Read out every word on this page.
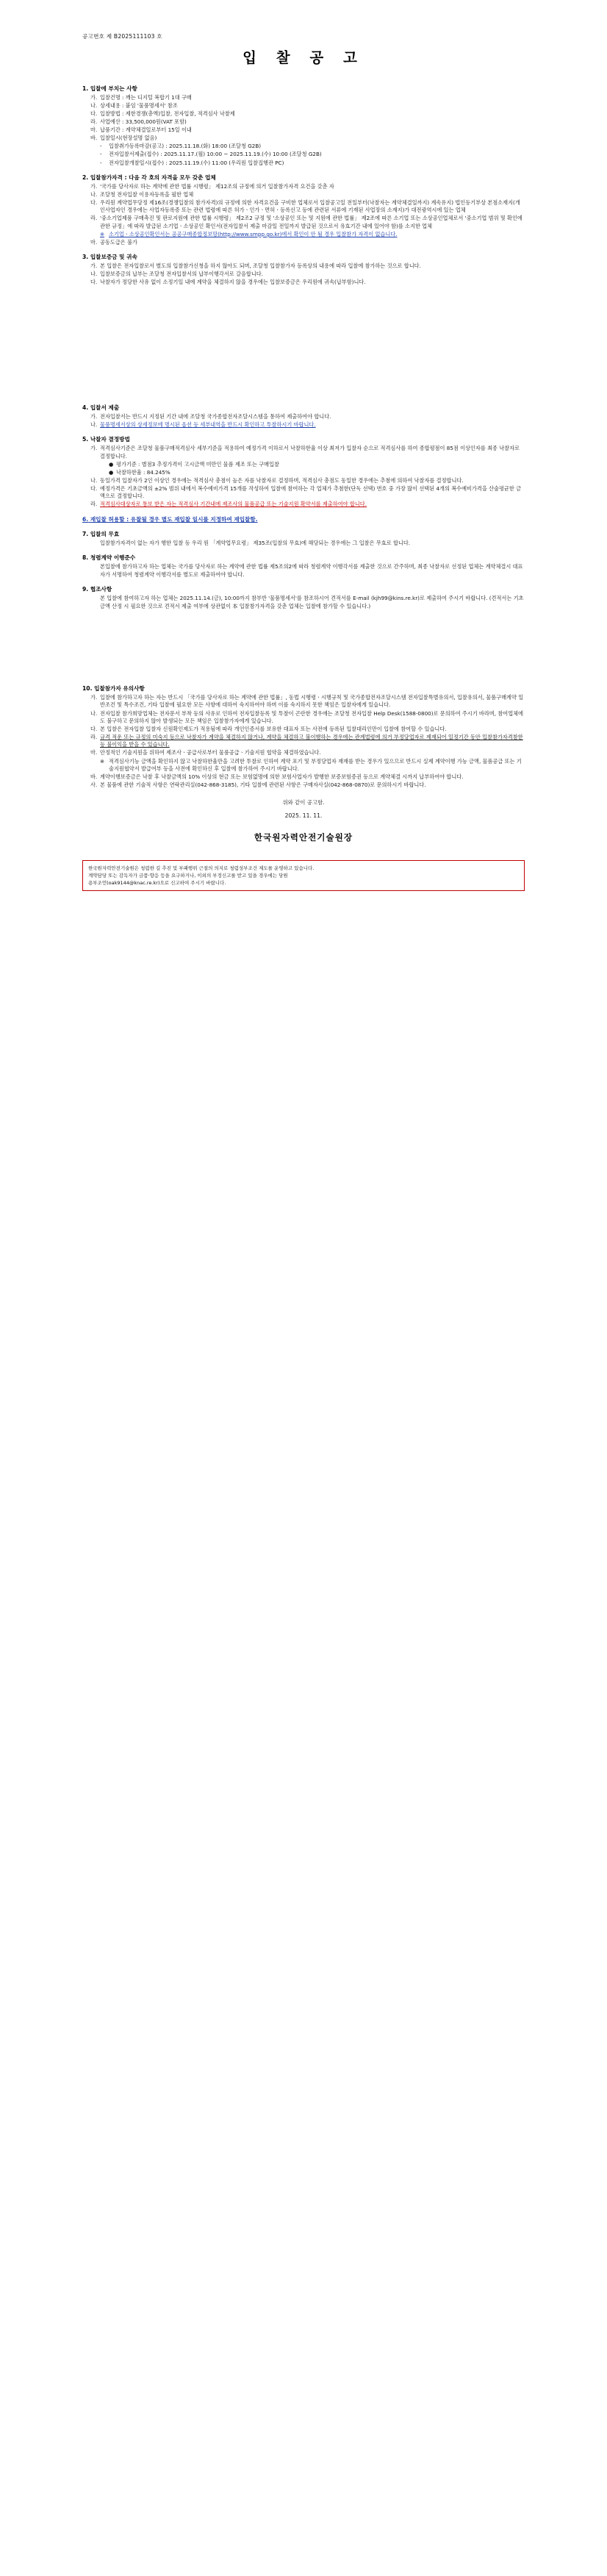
공고번호 제 B2025111103 호
입 찰 공 고
1. 입찰에 부치는 사항
가. 입찰건명 : 깨는 디지털 복합기 1대 구매
나. 상세내용 : 붙임 '물품명세서' 참조
다. 입찰방법 : 제한경쟁(총액)입찰, 전자입찰, 적격심사 낙찰제
라. 사업예산 : 33,500,000원(VAT 포함)
마. 납품기간 : 계약체결일로부터 15일 이내
바. 입찰일시(현장설명 없음)
-	입찰취가등록마감(공고) : 2025.11.18.(화) 18:00 (조달청 G2B)
-	전자입찰서제출(접수) : 2025.11.17.(월) 10:00 ~ 2025.11.19.(수) 10:00 (조달청 G2B)
-	전자입찰개찰일시(접수) : 2025.11.19.(수) 11:00 (우리원 입찰집행관 PC)
2. 입찰참가자격 : 다음 각 호의 자격을 모두 갖춘 업체
가. '국가를 당사자로 하는 계약에 관한 법률 시행령」 제12조의 규정에 의거 입찰참가자격 요건을 갖춘 자
나. 조달청 전자입찰 이용자등록을 필한 업체
다. 우리원 계약업무당정 제16조(경쟁입찰의 참가자격)의 규정에 의한 자격요건을 구비한 업체로서 입찰공고일 전일부터(낙찰자는 계약체결일까지) 계속유지) 법인등기부상 본점소재지(개인사업자인 경우에는 사업자등록증 또는 관련 법령에 따른 허가ㆍ인가ㆍ면허ㆍ등록신고 등에 관련된 서류에 기재된 사업장의 소재지)가 대전광역시에 있는 업체
라. '중소기업제품 구매촉진 및 판로지원에 관한 법률 시행령」 제2조2 규정 및 '소상공인 또는 및 지원에 관한 법률」 제2조에 따른 소기업 또는 소상공인업체로서 '중소기업 범위 및 확인에 관한 규정」에 따라 발급된 소기업ㆍ소상공인 확인서(전자입찰서 제출 마감일 전일까지 발급된 것으로서 유효기간 내에 있어야 함)를 소지한 업체
※ 소기업ㆍ소상공인확인서는 공공구매종합정보망(http://www.smpp.go.kr)에서 확인이 안 될 경우 입찰참가 자격이 없습니다.
마. 공동도급은 불가
3. 입찰보증금 및 귀속
가. 본 입찰은 전자입찰로서 별도의 입찰참가신청을 하지 않아도 되며, 조달청 입찰참가자 등록상의 내용에 따라 입찰에 참가하는 것으로 합니다.
나. 입찰보증금의 납부는 조달청 전자입찰서의 납부이행각서로 갈음합니다.
다. 낙찰자가 정당한 사유 없이 소정기일 내에 계약을 체결하지 않을 경우에는 입찰보증금은 우리원에 귀속(납부함)니다.
4. 입찰서 제출
가. 전자입찰서는 반드시 지정된 기간 내에 조달청 국가종합전자조달시스템을 통하여 제출하여야 합니다.
나. 물품명세서상의 상세정보에 명시된 옵션 등 세부내역을 반드시 확인하고 투찰하시기 바랍니다.
5. 낙찰자 결정방법
가. 적격심사기준은 조달청 물품구매적격심사 세부기준을 적용하여 예정가격 이하로서 낙찰하한율 이상 최저가 입찰자 순으로 적격심사를 하여 종합평점이 85점 이상인자를 최종 낙찰자로 결정합니다.
● 평가기준 : 별점3 추정가격이 고시금액 미만인 물품 제조 또는 구매입찰
● 낙찰하한율 : 84.245%
나. 동일가격 입찰자가 2인 이상인 경우에는 적격심사 총점이 높은 자를 낙찰자로 결정하며, 적격심사 총점도 동일한 경우에는 추첨에 의하여 낙찰자를 결정합니다.
다. 예정가격은 기초금액의 ±2% 범위 내에서 복수예비가격 15개를 작성하여 입찰에 참여하는 각 업체가 추첨한(단독 선택) 번호 중 가장 많이 선택된 4개의 복수예비가격을 산술평균한 금액으로 결정합니다.
라. 적격심사대상자로 통보 받은 자는 적격심사 기간내에 제조사의 물품공급 또는 기술지원 확약서를 제출하여야 합니다.
6. 재입찰 허용할 : 유찰될 경우 별도 재입찰 일시를 지정하여 재입찰함.
7. 입찰의 무효
입찰참가자격이 없는 자가 행한 입찰 등 우리 원 「계약업무요령」 제35조(입찰의 무효)에 해당되는 경우에는 그 입찰은 무효로 합니다.
8. 청렴계약 이행준수
본입찰에 참가하고자 하는 업체는 국가를 당사자로 하는 계약에 관한 법률 제5조의2에 따라 청렴계약 이행각서를 제출한 것으로 간주하며, 최종 낙찰자로 선정된 업체는 계약체결시 대표자가 서명하여 청렴계약 이행각서를 별도로 제출하여야 합니다.
9. 협조사항
본 입찰에 참여하고자 하는 업체는 2025.11.14.(금), 10:00까지 참부반 '물품명세서'를 참조하시어 견적서를 E-mail (kjh99@kins.re.kr)로 제출하여 주시기 바랍니다. (견적서는 기초금액 산정 시 필요한 것으로 견적서 제출 여부에 상관없이 本 입찰참가자격을 갖춘 업체는 입찰에 참가할 수 있습니다.)
10. 입찰참가자 유의사항
가. 입찰에 참가하고자 하는 자는 반드시 「국가를 당사자로 하는 계약에 관한 법률」, 동법 시행령ㆍ시행규칙 및 국가종합전자조달시스템 전자입찰특별유의서, 입찰유의서, 물품구매계약 일반조건 및 특수조건, 기타 입찰에 필요한 모든 사항에 대하여 숙지하여야 하며 이를 숙지하지 못한 책임은 입찰자에게 있습니다.
나. 전자입찰 참가희망업체는 전자문서 부착 등의 사유로 인하여 전자입찰등록 및 투찰이 곤란한 경우에는 조달청 전자입찰 Help Desk(1588-0800)로 문의하여 주시기 바라며, 참여업체에도 불구하고 문의하지 않아 발생되는 모든 책임은 입찰참가자에게 있습니다.
다. 본 입찰은 전자입찰 입찰자 신원확인제도가 적용됨에 따라 개인인증서를 보유한 대표자 또는 사전에 등록된 입찰대리인만이 입찰에 참여할 수 있습니다.
라. 규격 적운 또는 규정의 미숙지 등으로 낙찰자가 계약을 체결하지 않거나, 계약을 체결하고 불이행하는 경우에는 관계법령에 의거 부정당업자로 제재되어 일정기간 동안 입찰참가자격참한 등 불이익을 받을 수 있습니다.
마. 안정적인 기술지원을 위하여 제조사ㆍ공급사로부터 물품공급ㆍ기술지원 협약을 체결하였습니다.
※ 적격심사기능 금액을 확인하지 않고 낙찰하한율만을 고려한 투찰로 인하여 계약 포기 및 부정당업자 재재를 받는 경우가 있으므로 반드시 실제 계약이행 가능 금액, 물품공급 또는 기술지원협약서 발급여부 등을 사전에 확인하신 후 입찰에 참가하여 주시기 바랍니다.
바. 계약이행보증금은 낙찰 후 낙찰금액의 10% 이상의 현금 또는 보험없명에 의한 보험사업자가 발행한 보증보험증권 등으로 계약체결 시까지 납부하여야 합니다.
사. 본 물품에 관한 기술적 사항은 연락관리실(042-868-3185), 기타 입찰에 관련된 사항은 구매자사실(042-868-0870)로 문의하시기 바랍니다.
위와 같이 공고함.
2025. 11. 11.
한국원자력안전기술원장
한국원자력안전기술원은 청렴한 길 추진 및 부패행위 근절의 의지로 청렴성부조건 제도를 운영하고 있습니다.
계약담당 또는 감독자가 금품·향응 등을 요구하거나, 이외의 부정신고를 받고 있을 경우에는 당원
용부조언(oak9144@knac.re.kr)으로 신고하여 주시기 바랍니다.
